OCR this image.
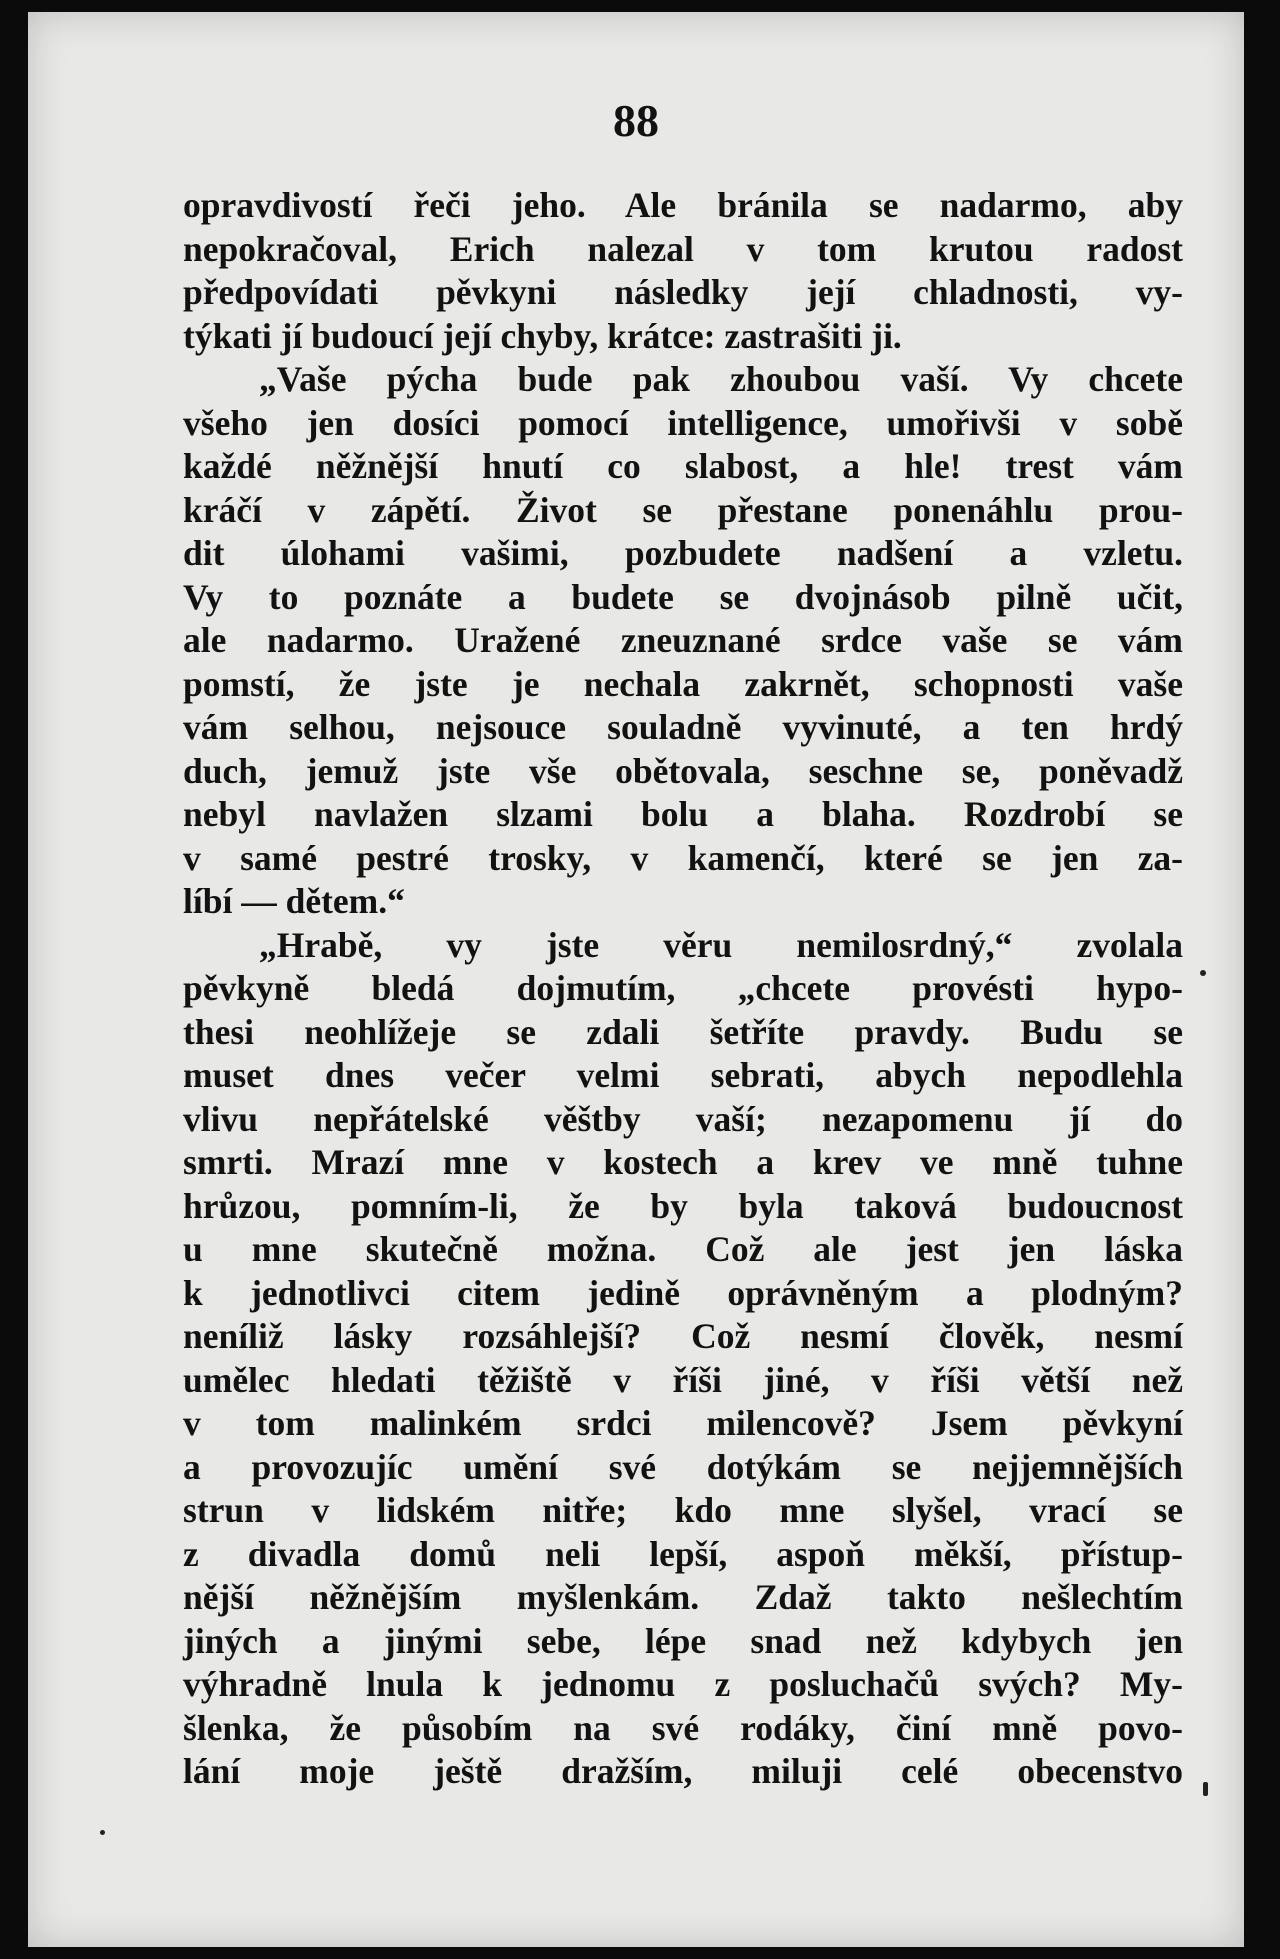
88
opravdivostí řeči jeho. Ale bránila se nadarmo, aby
nepokračoval, Erich nalezal v tom krutou radost
předpovídati pěvkyni následky její chladnosti, vy-
týkati jí budoucí její chyby, krátce: zastrašiti ji.
„Vaše pýcha bude pak zhoubou vaší. Vy chcete
všeho jen dosíci pomocí intelligence, umořivši v sobě
každé něžnější hnutí co slabost, a hle! trest vám
kráčí v zápětí. Život se přestane ponenáhlu prou-
dit úlohami vašimi, pozbudete nadšení a vzletu.
Vy to poznáte a budete se dvojnásob pilně učit,
ale nadarmo. Uražené zneuznané srdce vaše se vám
pomstí, že jste je nechala zakrnět, schopnosti vaše
vám selhou, nejsouce souladně vyvinuté, a ten hrdý
duch, jemuž jste vše obětovala, seschne se, poněvadž
nebyl navlažen slzami bolu a blaha. Rozdrobí se
v samé pestré trosky, v kamenčí, které se jen za-
líbí — dětem.“
„Hrabě, vy jste věru nemilosrdný,“ zvolala
pěvkyně bledá dojmutím, „chcete provésti hypo-
thesi neohlížeje se zdali šetříte pravdy. Budu se
muset dnes večer velmi sebrati, abych nepodlehla
vlivu nepřátelské věštby vaší; nezapomenu jí do
smrti. Mrazí mne v kostech a krev ve mně tuhne
hrůzou, pomním-li, že by byla taková budoucnost
u mne skutečně možna. Což ale jest jen láska
k jednotlivci citem jedině oprávněným a plodným?
neníliž lásky rozsáhlejší? Což nesmí člověk, nesmí
umělec hledati těžiště v říši jiné, v říši větší než
v tom malinkém srdci milencově? Jsem pěvkyní
a provozujíc umění své dotýkám se nejjemnějších
strun v lidském nitře; kdo mne slyšel, vrací se
z divadla domů neli lepší, aspoň měkší, přístup-
nější něžnějším myšlenkám. Zdaž takto nešlechtím
jiných a jinými sebe, lépe snad než kdybych jen
výhradně lnula k jednomu z posluchačů svých? My-
šlenka, že působím na své rodáky, činí mně povo-
lání moje ještě dražším, miluji celé obecenstvo
